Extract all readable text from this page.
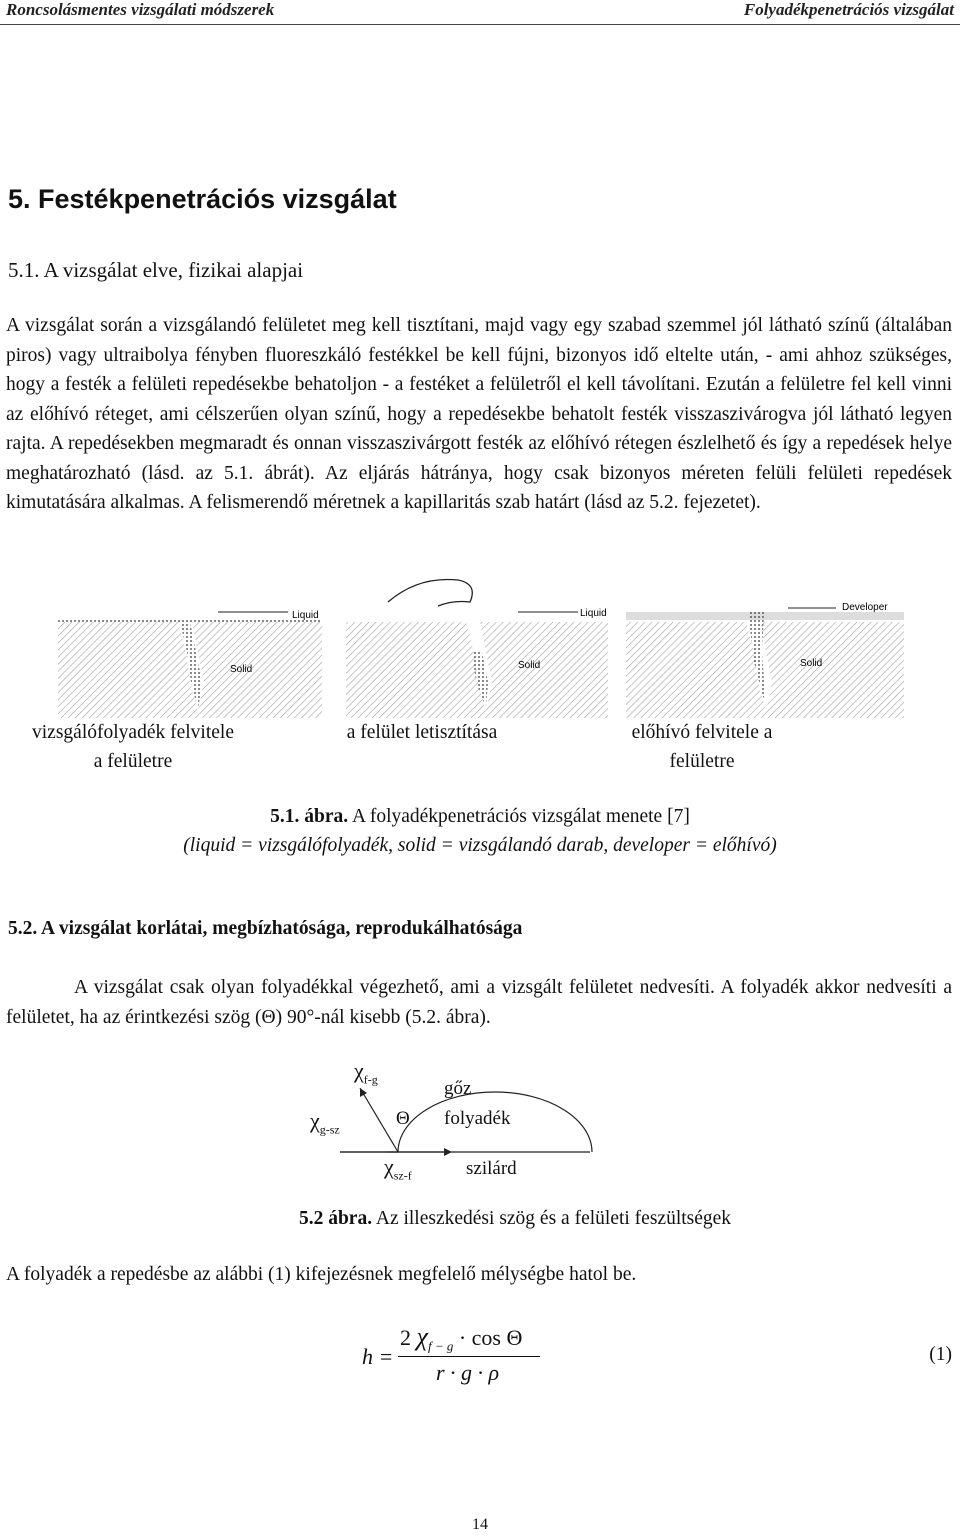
Roncsolásmentes vizsgálati módszerek	Folyadékpenetrációs vizsgálat
5. Festékpenetrációs vizsgálat
5.1. A vizsgálat elve, fizikai alapjai
A vizsgálat során a vizsgálandó felületet meg kell tisztítani, majd vagy egy szabad szemmel jól látható színű (általában piros) vagy ultraibolya fényben fluoreszkáló festékkel be kell fújni, bizonyos idő eltelte után, - ami ahhoz szükséges, hogy a festék a felületi repedésekbe behatoljon - a festéket a felületről el kell távolítani. Ezután a felületre fel kell vinni az előhívó réteget, ami célszerűen olyan színű, hogy a repedésekbe behatolt festék visszaszivárogva jól látható legyen rajta. A repedésekben megmaradt és onnan visszaszivárgott festék az előhívó rétegen észlelhető és így a repedések helye meghatározható (lásd. az 5.1. ábrát). Az eljárás hátránya, hogy csak bizonyos méreten felüli felületi repedések kimutatására alkalmas. A felismerendő méretnek a kapillaritás szab határt (lásd az 5.2. fejezetet).
Liquid	Liquid
Developer
Solid	Solid	Solid
vizsgálófolyadék felvitele
a felületre
a felület letisztítása	előhívó felvitele a
felületre
5.1. ábra. A folyadékpenetrációs vizsgálat menete [7]
(liquid = vizsgálófolyadék, solid = vizsgálandó darab, developer = előhívó)
5.2. A vizsgálat korlátai, megbízhatósága, reprodukálhatósága
A vizsgálat csak olyan folyadékkal végezhető, ami a vizsgált felületet nedvesíti. A folyadék akkor nedvesíti a felületet, ha az érintkezési szög (Θ) 90°-nál kisebb (5.2. ábra).
$\chi_{f-g}$
$\chi_{g-sz}$
$\chi_{sz-f}$
Θ
gőz
folyadék
szilárd
5.2 ábra. Az illeszkedési szög és a felületi feszültségek
A folyadék a repedésbe az alábbi (1) kifejezésnek megfelelő mélységbe hatol be.
h =
2 $\chi_{f - g} \cdot \cos \Theta$
r · g · ρ
(1)
14
